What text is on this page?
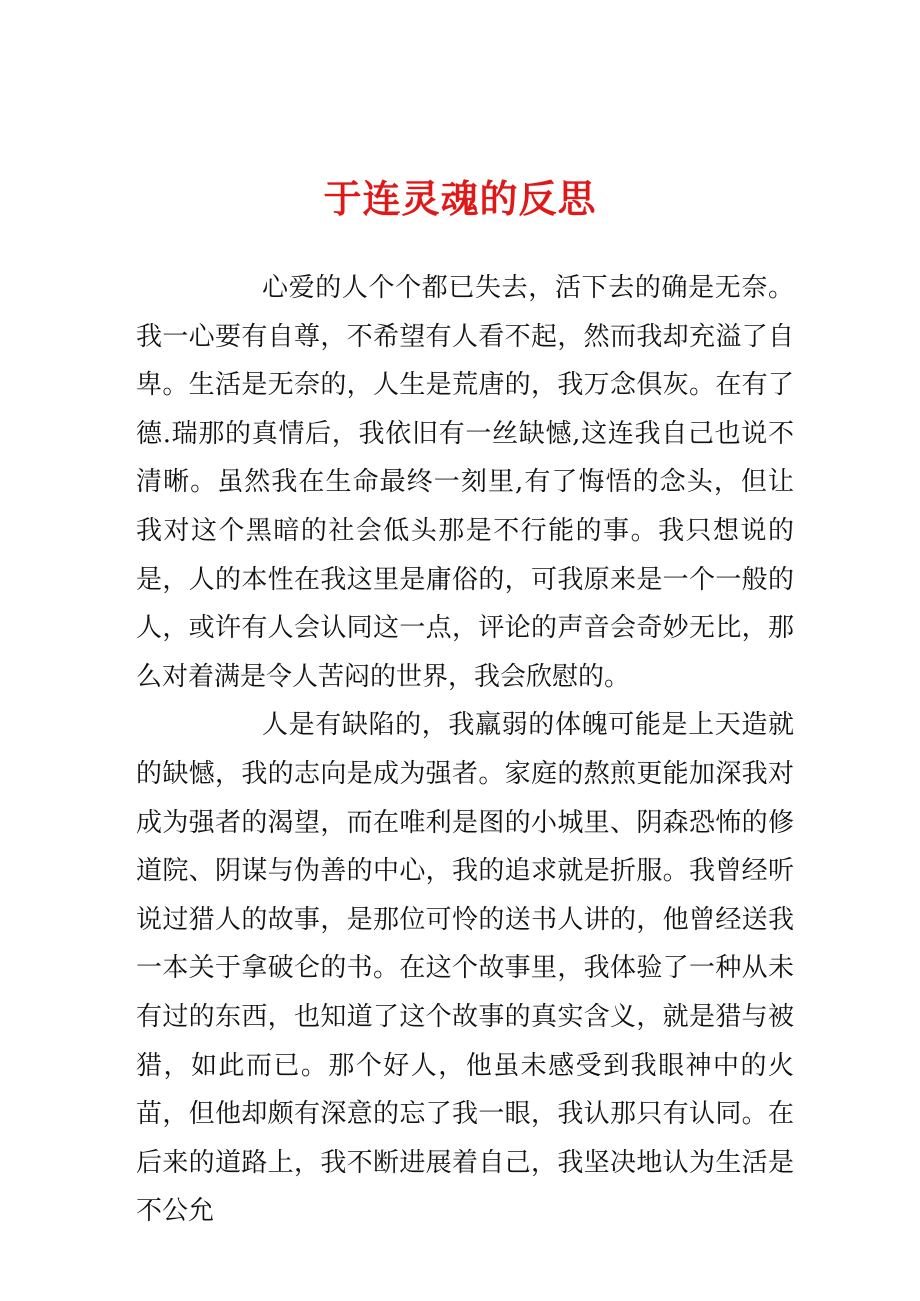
于连灵魂的反思

心爱的人个个都已失去，活下去的确是无奈。我一心要有自尊，不希望有人看不起，然而我却充溢了自卑。生活是无奈的，人生是荒唐的，我万念俱灰。在有了德.瑞那的真情后，我依旧有一丝缺憾,这连我自己也说不清晰。虽然我在生命最终一刻里,有了悔悟的念头，但让我对这个黑暗的社会低头那是不行能的事。我只想说的是，人的本性在我这里是庸俗的，可我原来是一个一般的人，或许有人会认同这一点，评论的声音会奇妙无比，那么对着满是令人苦闷的世界，我会欣慰的。

人是有缺陷的，我羸弱的体魄可能是上天造就的缺憾，我的志向是成为强者。家庭的熬煎更能加深我对成为强者的渴望，而在唯利是图的小城里、阴森恐怖的修道院、阴谋与伪善的中心，我的追求就是折服。我曾经听说过猎人的故事，是那位可怜的送书人讲的，他曾经送我一本关于拿破仑的书。在这个故事里，我体验了一种从未有过的东西，也知道了这个故事的真实含义，就是猎与被猎，如此而已。那个好人，他虽未感受到我眼神中的火苗，但他却颇有深意的忘了我一眼，我认那只有认同。在后来的道路上，我不断进展着自己，我坚决地认为生活是不公允
